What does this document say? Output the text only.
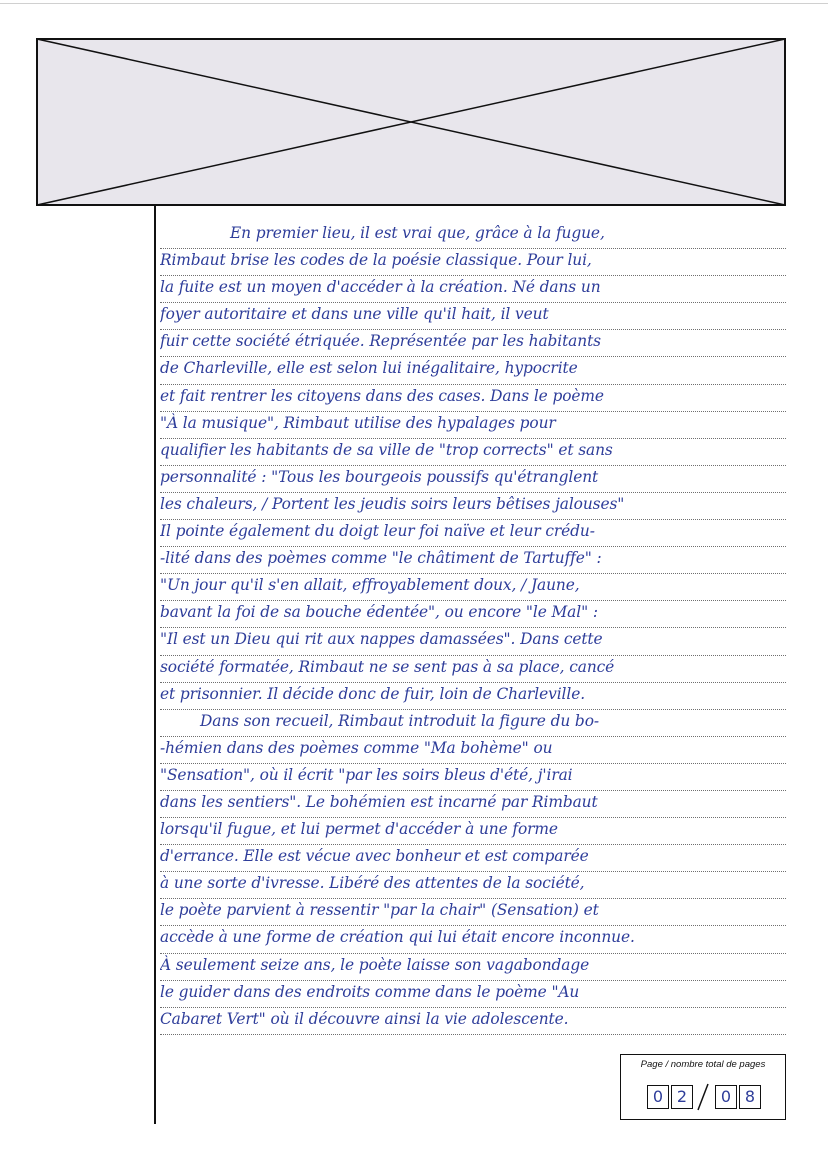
En premier lieu, il est vrai que, grâce à la fugue,
Rimbaut brise les codes de la poésie classique. Pour lui,
la fuite est un moyen d'accéder à la création. Né dans un
foyer autoritaire et dans une ville qu'il hait, il veut
fuir cette société étriquée. Représentée par les habitants
de Charleville, elle est selon lui inégalitaire, hypocrite
et fait rentrer les citoyens dans des cases. Dans le poème
"À la musique", Rimbaut utilise des hypalages pour
qualifier les habitants de sa ville de "trop corrects" et sans
personnalité : "Tous les bourgeois poussifs qu'étranglent
les chaleurs, / Portent les jeudis soirs leurs bêtises jalouses"
Il pointe également du doigt leur foi naïve et leur crédu-
-lité dans des poèmes comme "le châtiment de Tartuffe" :
"Un jour qu'il s'en allait, effroyablement doux, / Jaune,
bavant la foi de sa bouche édentée", ou encore "le Mal" :
"Il est un Dieu qui rit aux nappes damassées". Dans cette
société formatée, Rimbaut ne se sent pas à sa place, cancé
et prisonnier. Il décide donc de fuir, loin de Charleville.
Dans son recueil, Rimbaut introduit la figure du bo-
-hémien dans des poèmes comme "Ma bohème" ou
"Sensation", où il écrit "par les soirs bleus d'été, j'irai
dans les sentiers". Le bohémien est incarné par Rimbaut
lorsqu'il fugue, et lui permet d'accéder à une forme
d'errance. Elle est vécue avec bonheur et est comparée
à une sorte d'ivresse. Libéré des attentes de la société,
le poète parvient à ressentir "par la chair" (Sensation) et
accède à une forme de création qui lui était encore inconnue.
À seulement seize ans, le poète laisse son vagabondage
le guider dans des endroits comme dans le poème "Au
Cabaret Vert" où il découvre ainsi la vie adolescente.
Page / nombre total de pages
0 2	0 8
